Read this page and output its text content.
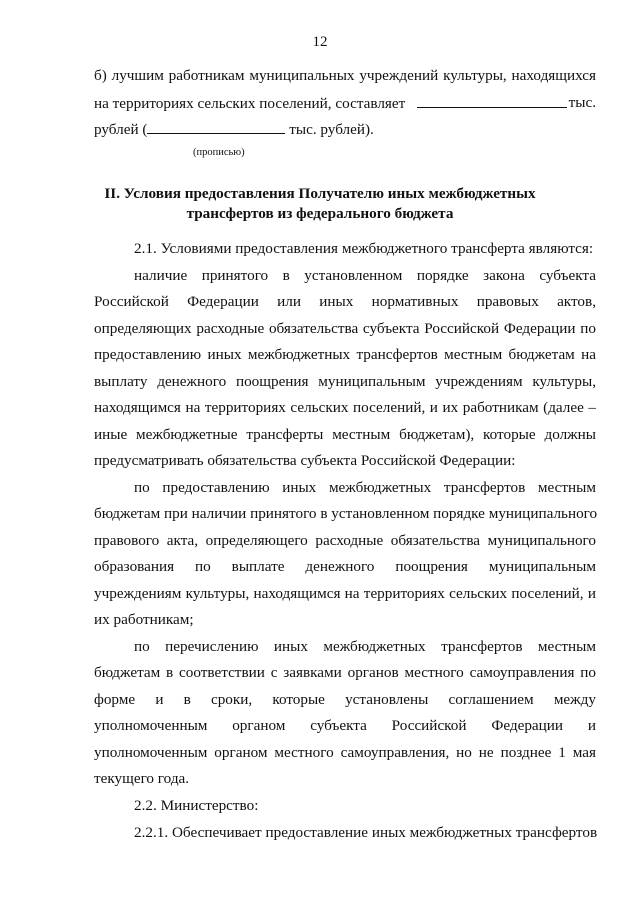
12
б) лучшим работникам муниципальных учреждений культуры, находящихся
на территориях сельских поселений, составляет	тыс.
рублей (	тыс. рублей).
(прописью)
II. Условия предоставления Получателю иных межбюджетных
трансфертов из федерального бюджета
2.1. Условиями предоставления межбюджетного трансферта являются:
наличие принятого в установленном порядке закона субъекта
Российской Федерации или иных нормативных правовых актов,
определяющих расходные обязательства субъекта Российской Федерации по
предоставлению иных межбюджетных трансфертов местным бюджетам на
выплату денежного поощрения муниципальным учреждениям культуры,
находящимся на территориях сельских поселений, и их работникам (далее –
иные межбюджетные трансферты местным бюджетам), которые должны
предусматривать обязательства субъекта Российской Федерации:
по предоставлению иных межбюджетных трансфертов местным
бюджетам при наличии принятого в установленном порядке муниципального
правового акта, определяющего расходные обязательства муниципального
образования по выплате денежного поощрения муниципальным
учреждениям культуры, находящимся на территориях сельских поселений, и
их работникам;
по перечислению иных межбюджетных трансфертов местным
бюджетам в соответствии с заявками органов местного самоуправления по
форме и в сроки, которые установлены соглашением между
уполномоченным органом субъекта Российской Федерации и
уполномоченным органом местного самоуправления, но не позднее 1 мая
текущего года.
2.2. Министерство:
2.2.1. Обеспечивает предоставление иных межбюджетных трансфертов
